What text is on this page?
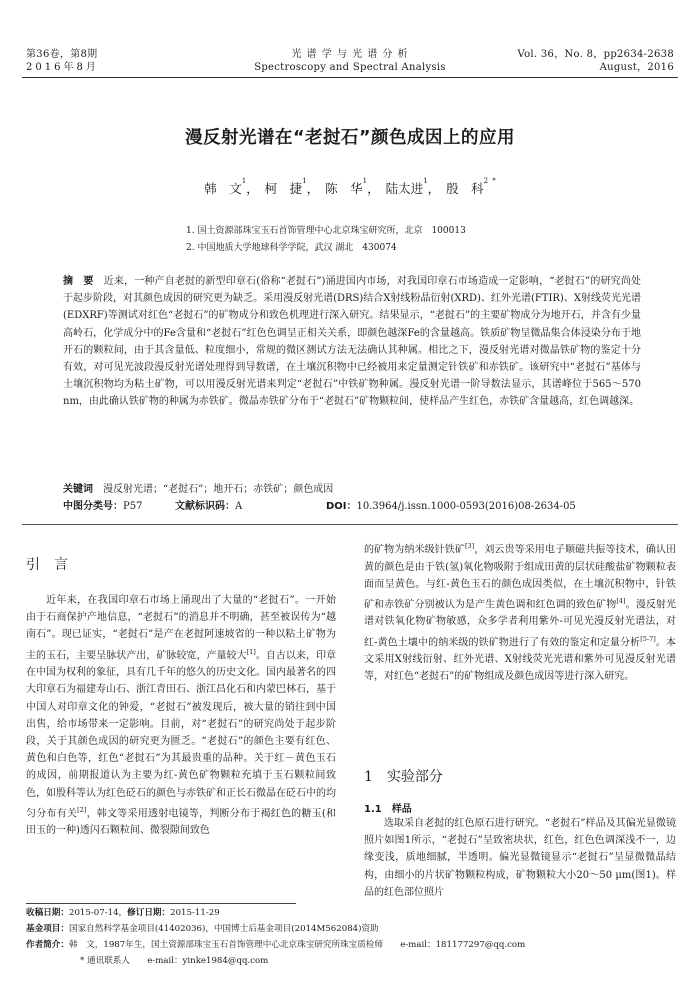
第36卷，第8期
2016年8月
光 谱 学 与 光 谱 分 析
Spectroscopy and Spectral Analysis
Vol. 36，No. 8，pp2634-2638
August，2016
漫反射光谱在“老挝石”颜色成因上的应用
韩　文$^1$， 柯　捷$^1$， 陈　华$^1$， 陆太进$^1$， 殷　科$^{2 *}$
1. 国土资源部珠宝玉石首饰管理中心北京珠宝研究所，北京　100013
2. 中国地质大学地球科学学院，武汉 湖北　430074
摘　要　 近来，一种产自老挝的新型印章石(俗称“老挝石”)涌进国内市场，对我国印章石市场造成一定影响，“老挝石”的研究尚处于起步阶段，对其颜色成因的研究更为缺乏。采用漫反射光谱(DRS)结合X射线粉晶衍射(XRD)、红外光谱(FTIR)、X射线荧光光谱(EDXRF)等测试对红色“老挝石”的矿物成分和致色机理进行深入研究。结果显示，“老挝石”的主要矿物成分为地开石，并含有少量高岭石，化学成分中的Fe含量和“老挝石”红色色调呈正相关关系，即颜色越深Fe的含量越高。铁质矿物呈微晶集合体浸染分布于地开石的颗粒间，由于其含量低、粒度细小，常规的微区测试方法无法确认其种属。相比之下，漫反射光谱对微晶铁矿物的鉴定十分有效，对可见光波段漫反射光谱处理得到导数谱，在土壤沉积物中已经被用来定量测定针铁矿和赤铁矿。该研究中“老挝石”基体与土壤沉积物均为粘土矿物，可以用漫反射光谱来判定“老挝石”中铁矿物种属。漫反射光谱一阶导数法显示，其谱峰位于565～570 nm，由此确认铁矿物的种属为赤铁矿。微晶赤铁矿分布于“老挝石”矿物颗粒间，使样品产生红色，赤铁矿含量越高，红色调越深。
关键词　 漫反射光谱；“老挝石”；地开石；赤铁矿；颜色成因
中图分类号：P57	文献标识码：A	DOI：10.3964/j.issn.1000-0593(2016)08-2634-05
引　言

近年来，在我国印章石市场上涌现出了大量的“老挝石”。一开始由于石商保护产地信息，“老挝石”的消息并不明确，甚至被误传为“越南石”。现已证实，“老挝石”是产在老挝阿速坡省的一种以粘土矿物为主的玉石，主要呈脉状产出，矿脉较宽，产量较大[1]。自古以来，印章在中国为权利的象征，具有几千年的悠久的历史文化。国内最著名的四大印章石为福建寿山石、浙江青田石、浙江昌化石和内蒙巴林石，基于中国人对印章文化的钟爱，“老挝石”被发现后，被大量的销往到中国出售，给市场带来一定影响。目前，对“老挝石”的研究尚处于起步阶段，关于其颜色成因的研究更为匮乏。“老挝石”的颜色主要有红色、黄色和白色等，红色“老挝石”为其最贵重的品种。关于红－黄色玉石的成因，前期报道认为主要为红-黄色矿物颗粒充填于玉石颗粒间致色，如殷科等认为红色砭石的颜色与赤铁矿和正长石微晶在砭石中的均匀分布有关[2]，韩文等采用透射电镜等，判断分布于褐红色的糖玉(和田玉的一种)透闪石颗粒间、微裂隙间致色

的矿物为纳米级针铁矿[3]，刘云贵等采用电子顺磁共振等技术，确认田黄的颜色是由于铁(氢)氧化物吸附于组成田黄的层状硅酸盐矿物颗粒表面而呈黄色。与红-黄色玉石的颜色成因类似，在土壤沉积物中，针铁矿和赤铁矿分别被认为是产生黄色调和红色调的致色矿物[4]。漫反射光谱对铁氧化物矿物敏感，众多学者利用紫外-可见光漫反射光谱法，对红-黄色土壤中的纳米级的铁矿物进行了有效的鉴定和定量分析[5-7]。本文采用X射线衍射、红外光谱、X射线荧光光谱和紫外可见漫反射光谱等，对红色“老挝石”的矿物组成及颜色成因等进行深入研究。

1　实验部分
1.1　样品

选取采自老挝的红色原石进行研究。“老挝石”样品及其偏光显微镜照片如图1所示，“老挝石”呈致密块状，红色，红色色调深浅不一，边缘变浅，质地细腻，半透明。偏光显微镜显示“老挝石”呈显微微晶结构，由细小的片状矿物颗粒构成，矿物颗粒大小20～50 μm(图1)。样品的红色部位照片

收稿日期：2015-07-14，修订日期：2015-11-29
基金项目：国家自然科学基金项目(41402036)，中国博士后基金项目(2014M562084)资助
作者简介：韩　文，1987年生，国土资源部珠宝玉石首饰管理中心北京珠宝研究所珠宝质检师　　e-mail：181177297@qq.com
* 通讯联系人　　 e-mail：yinke1984@qq.com
